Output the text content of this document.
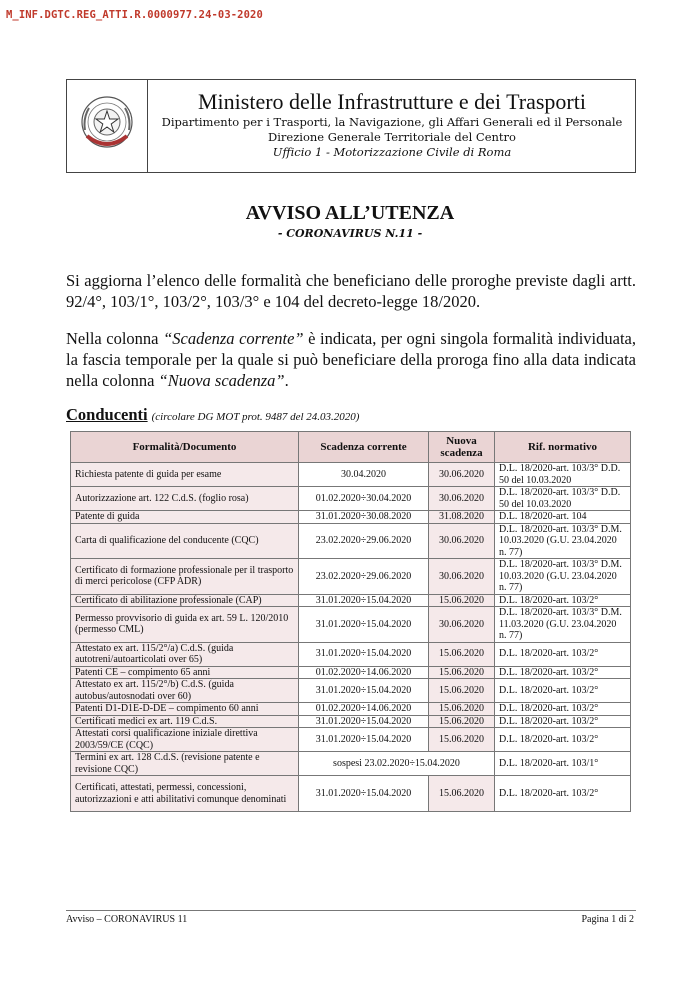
M_INF.DGTC.REG_ATTI.R.0000977.24-03-2020
Ministero delle Infrastrutture e dei Trasporti
Dipartimento per i Trasporti, la Navigazione, gli Affari Generali ed il Personale
Direzione Generale Territoriale del Centro
Ufficio 1 - Motorizzazione Civile di Roma
AVVISO ALL’UTENZA
- CORONAVIRUS N.11 -
Si aggiorna l’elenco delle formalità che beneficiano delle proroghe previste dagli artt. 92/4°, 103/1°, 103/2°, 103/3° e 104 del decreto-legge 18/2020.
Nella colonna “Scadenza corrente” è indicata, per ogni singola formalità individuata, la fascia temporale per la quale si può beneficiare della proroga fino alla data indicata nella colonna “Nuova scadenza”.
Conducenti (circolare DG MOT prot. 9487 del 24.03.2020)
Formalità/Documento	Scadenza corrente	Nuova scadenza	Rif. normativo
Richiesta patente di guida per esame	30.04.2020	30.06.2020	D.L. 18/2020-art. 103/3° D.D. 50 del 10.03.2020
Autorizzazione art. 122 C.d.S. (foglio rosa)	01.02.2020÷30.04.2020	30.06.2020	D.L. 18/2020-art. 103/3° D.D. 50 del 10.03.2020
Patente di guida	31.01.2020÷30.08.2020	31.08.2020	D.L. 18/2020-art. 104
Carta di qualificazione del conducente (CQC)	23.02.2020÷29.06.2020	30.06.2020	D.L. 18/2020-art. 103/3° D.M. 10.03.2020 (G.U. 23.04.2020 n. 77)
Certificato di formazione professionale per il trasporto di merci pericolose (CFP ADR)	23.02.2020÷29.06.2020	30.06.2020	D.L. 18/2020-art. 103/3° D.M. 10.03.2020 (G.U. 23.04.2020 n. 77)
Certificato di abilitazione professionale (CAP)	31.01.2020÷15.04.2020	15.06.2020	D.L. 18/2020-art. 103/2°
Permesso provvisorio di guida ex art. 59 L. 120/2010 (permesso CML)	31.01.2020÷15.04.2020	30.06.2020	D.L. 18/2020-art. 103/3° D.M. 11.03.2020 (G.U. 23.04.2020 n. 77)
Attestato ex art. 115/2°/a) C.d.S. (guida autotreni/autoarticolati over 65)	31.01.2020÷15.04.2020	15.06.2020	D.L. 18/2020-art. 103/2°
Patenti CE – compimento 65 anni	01.02.2020÷14.06.2020	15.06.2020	D.L. 18/2020-art. 103/2°
Attestato ex art. 115/2°/b) C.d.S. (guida autobus/autosnodati over 60)	31.01.2020÷15.04.2020	15.06.2020	D.L. 18/2020-art. 103/2°
Patenti D1-D1E-D-DE – compimento 60 anni	01.02.2020÷14.06.2020	15.06.2020	D.L. 18/2020-art. 103/2°
Certificati medici ex art. 119 C.d.S.	31.01.2020÷15.04.2020	15.06.2020	D.L. 18/2020-art. 103/2°
Attestati corsi qualificazione iniziale direttiva 2003/59/CE (CQC)	31.01.2020÷15.04.2020	15.06.2020	D.L. 18/2020-art. 103/2°
Termini ex art. 128 C.d.S. (revisione patente e revisione CQC)	sospesi 23.02.2020÷15.04.2020		D.L. 18/2020-art. 103/1°
Certificati, attestati, permessi, concessioni, autorizzazioni e atti abilitativi comunque denominati	31.01.2020÷15.04.2020	15.06.2020	D.L. 18/2020-art. 103/2°
Avviso – CORONAVIRUS 11	Pagina 1 di 2
